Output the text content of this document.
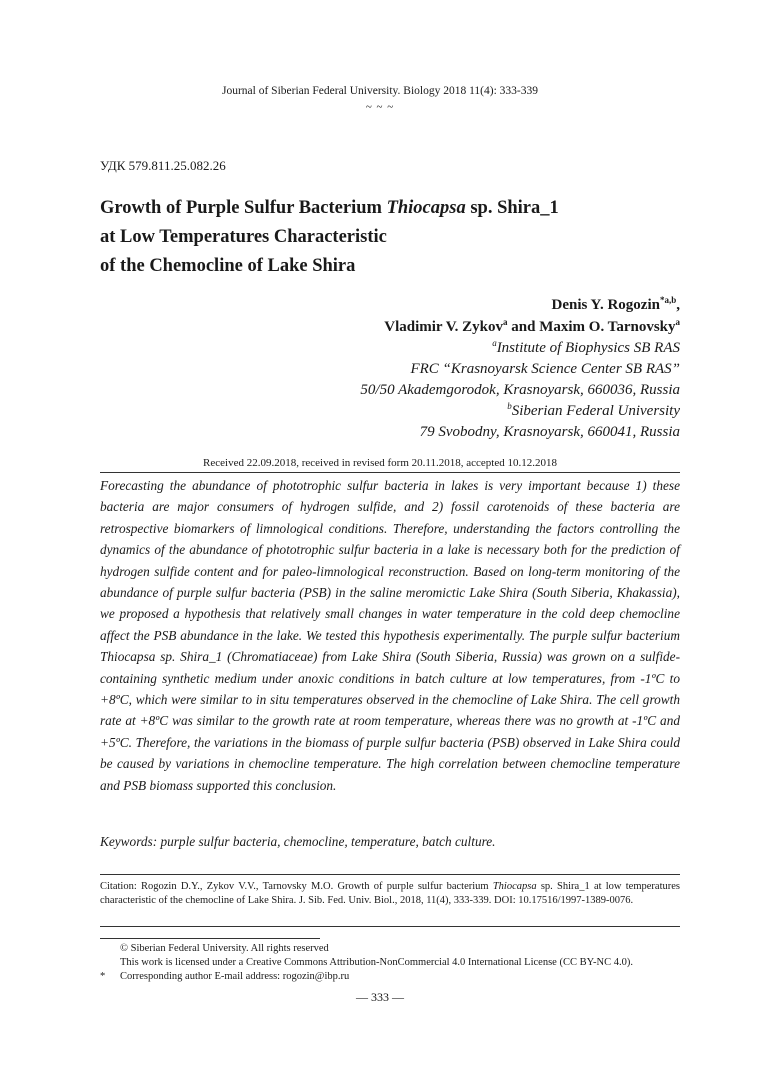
Journal of Siberian Federal University. Biology 2018 11(4): 333-339
~ ~ ~
УДК 579.811.25.082.26
Growth of Purple Sulfur Bacterium Thiocapsa sp. Shira_1
at Low Temperatures Characteristic
of the Chemocline of Lake Shira
Denis Y. Rogozin$^{*a,b}$,
Vladimir V. Zykov$^a$ and Maxim O. Tarnovsky$^a$
$^a$Institute of Biophysics SB RAS
FRC “Krasnoyarsk Science Center SB RAS”
50/50 Akademgorodok, Krasnoyarsk, 660036, Russia
$^b$Siberian Federal University
79 Svobodny, Krasnoyarsk, 660041, Russia
Received 22.09.2018, received in revised form 20.11.2018, accepted 10.12.2018
Forecasting the abundance of phototrophic sulfur bacteria in lakes is very important because 1) these bacteria are major consumers of hydrogen sulfide, and 2) fossil carotenoids of these bacteria are retrospective biomarkers of limnological conditions. Therefore, understanding the factors controlling the dynamics of the abundance of phototrophic sulfur bacteria in a lake is necessary both for the prediction of hydrogen sulfide content and for paleo-limnological reconstruction. Based on long-term monitoring of the abundance of purple sulfur bacteria (PSB) in the saline meromictic Lake Shira (South Siberia, Khakassia), we proposed a hypothesis that relatively small changes in water temperature in the cold deep chemocline affect the PSB abundance in the lake. We tested this hypothesis experimentally. The purple sulfur bacterium Thiocapsa sp. Shira_1 (Chromatiaceae) from Lake Shira (South Siberia, Russia) was grown on a sulfide-containing synthetic medium under anoxic conditions in batch culture at low temperatures, from -1ºC to +8ºC, which were similar to in situ temperatures observed in the chemocline of Lake Shira. The cell growth rate at +8ºC was similar to the growth rate at room temperature, whereas there was no growth at -1ºC and +5ºC. Therefore, the variations in the biomass of purple sulfur bacteria (PSB) observed in Lake Shira could be caused by variations in chemocline temperature. The high correlation between chemocline temperature and PSB biomass supported this conclusion.
Keywords: purple sulfur bacteria, chemocline, temperature, batch culture.
Citation: Rogozin D.Y., Zykov V.V., Tarnovsky M.O. Growth of purple sulfur bacterium Thiocapsa sp. Shira_1 at low temperatures characteristic of the chemocline of Lake Shira. J. Sib. Fed. Univ. Biol., 2018, 11(4), 333-339. DOI: 10.17516/1997-1389-0076.
© Siberian Federal University. All rights reserved
This work is licensed under a Creative Commons Attribution-NonCommercial 4.0 International License (CC BY-NC 4.0).
*	Corresponding author E-mail address: rogozin@ibp.ru
— 333 —
